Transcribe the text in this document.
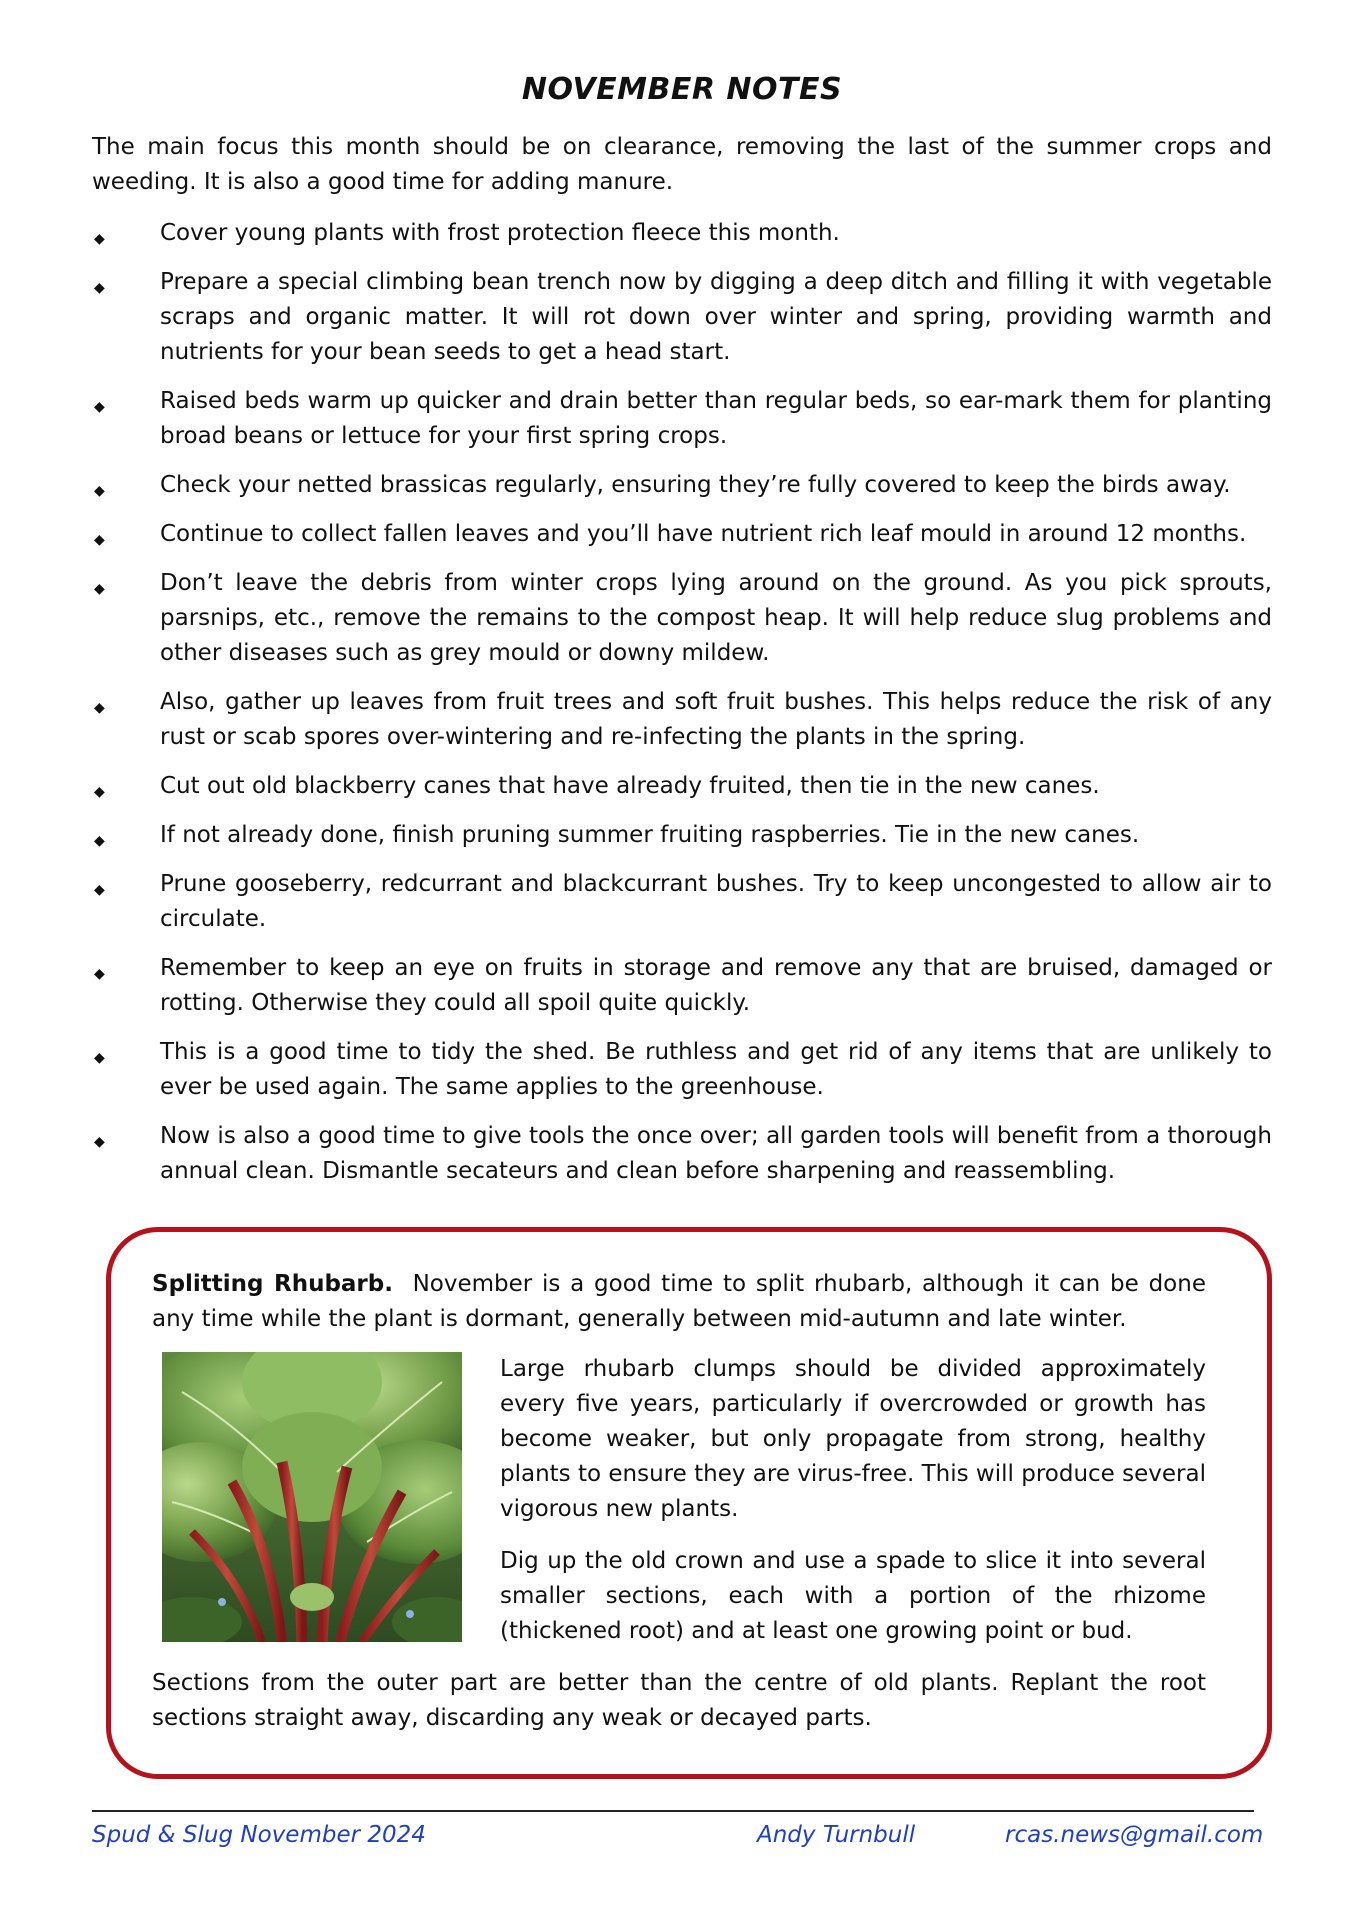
NOVEMBER NOTES

The main focus this month should be on clearance, removing the last of the summer crops and weeding. It is also a good time for adding manure.

◆ Cover young plants with frost protection fleece this month.
◆ Prepare a special climbing bean trench now by digging a deep ditch and filling it with vegetable scraps and organic matter. It will rot down over winter and spring, providing warmth and nutrients for your bean seeds to get a head start.
◆ Raised beds warm up quicker and drain better than regular beds, so ear-mark them for planting broad beans or lettuce for your first spring crops.
◆ Check your netted brassicas regularly, ensuring they’re fully covered to keep the birds away.
◆ Continue to collect fallen leaves and you’ll have nutrient rich leaf mould in around 12 months.
◆ Don’t leave the debris from winter crops lying around on the ground. As you pick sprouts, parsnips, etc., remove the remains to the compost heap. It will help reduce slug problems and other diseases such as grey mould or downy mildew.
◆ Also, gather up leaves from fruit trees and soft fruit bushes. This helps reduce the risk of any rust or scab spores over-wintering and re-infecting the plants in the spring.
◆ Cut out old blackberry canes that have already fruited, then tie in the new canes.
◆ If not already done, finish pruning summer fruiting raspberries. Tie in the new canes.
◆ Prune gooseberry, redcurrant and blackcurrant bushes. Try to keep uncongested to allow air to circulate.
◆ Remember to keep an eye on fruits in storage and remove any that are bruised, damaged or rotting. Otherwise they could all spoil quite quickly.
◆ This is a good time to tidy the shed. Be ruthless and get rid of any items that are unlikely to ever be used again. The same applies to the greenhouse.
◆ Now is also a good time to give tools the once over; all garden tools will benefit from a thorough annual clean. Dismantle secateurs and clean before sharpening and reassembling.

Splitting Rhubarb.  November is a good time to split rhubarb, although it can be done any time while the plant is dormant, generally between mid-autumn and late winter.

Large rhubarb clumps should be divided approximately every five years, particularly if overcrowded or growth has become weaker, but only propagate from strong, healthy plants to ensure they are virus-free. This will produce several vigorous new plants.

Dig up the old crown and use a spade to slice it into several smaller sections, each with a portion of the rhizome (thickened root) and at least one growing point or bud.

Sections from the outer part are better than the centre of old plants. Replant the root sections straight away, discarding any weak or decayed parts.

Spud & Slug November 2024	Andy Turnbull	rcas.news@gmail.com
